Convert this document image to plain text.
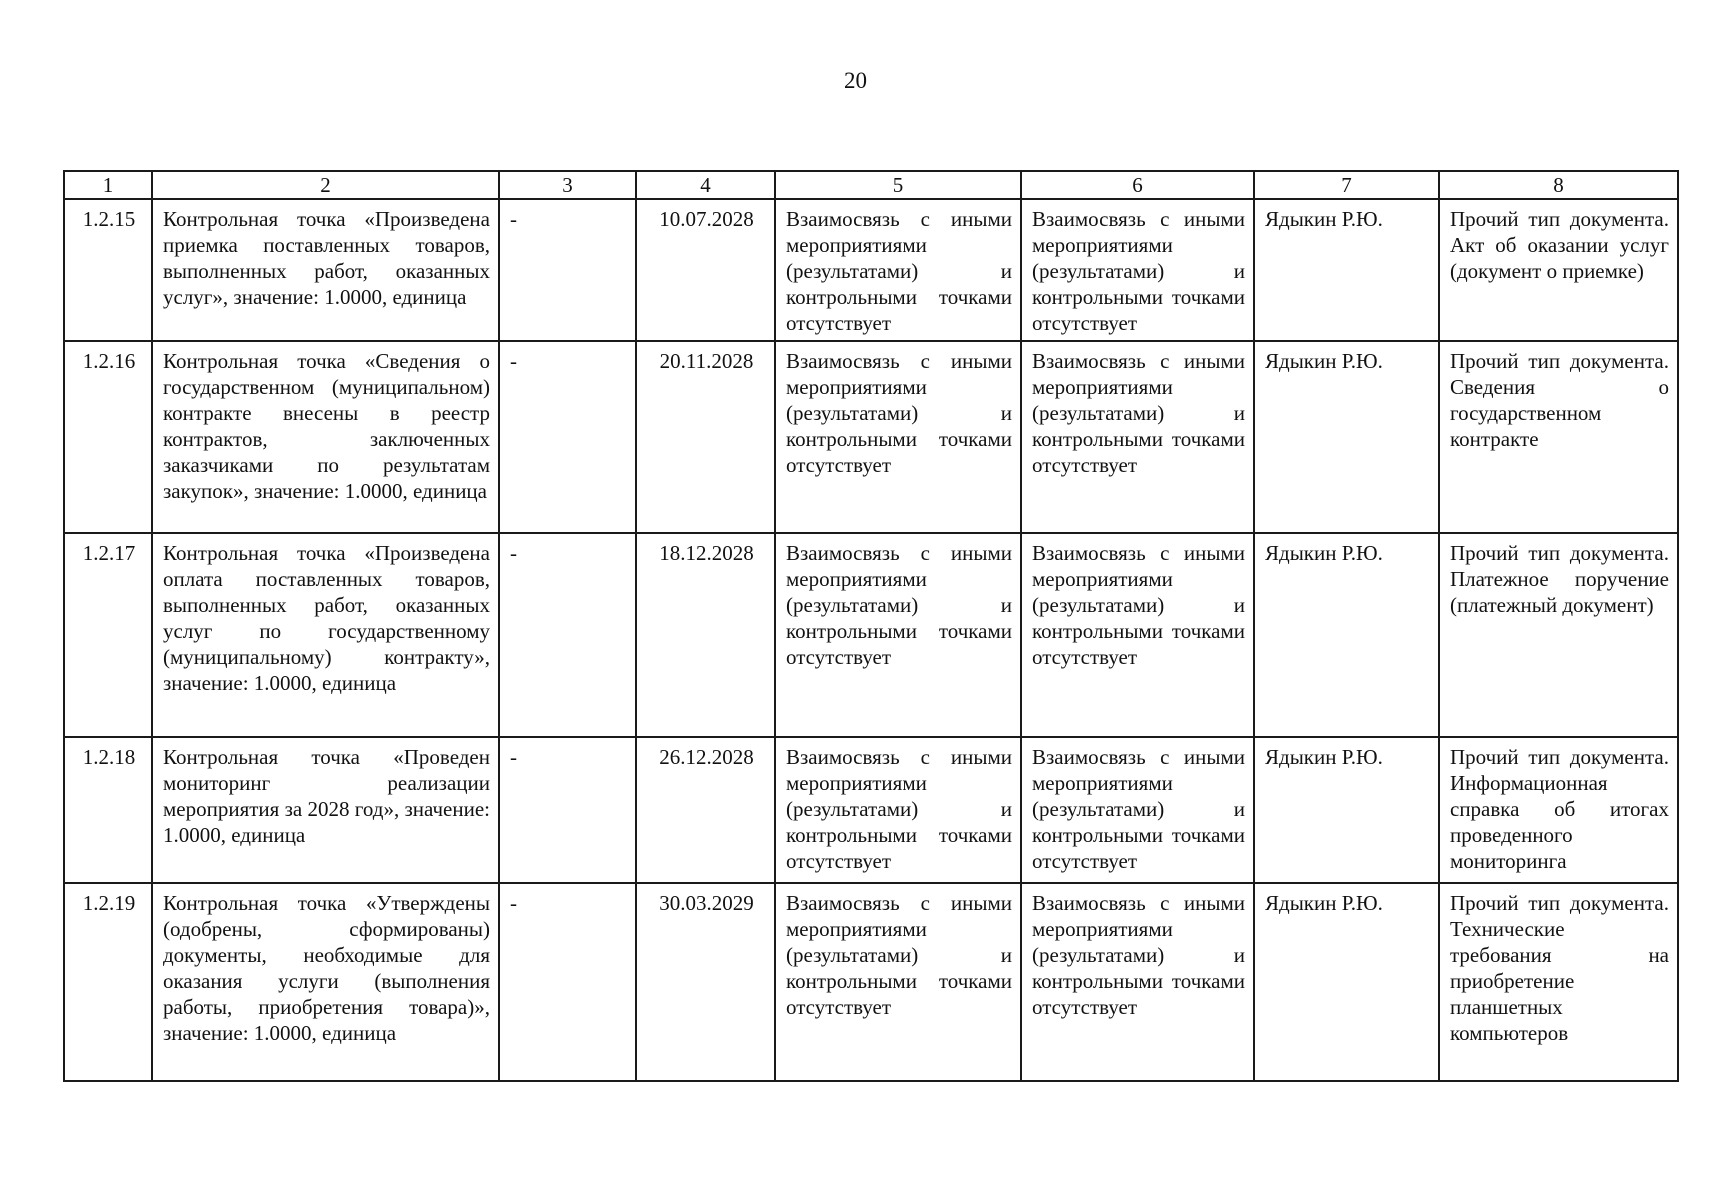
20
1	2	3	4	5	6	7	8
1.2.15	Контрольная точка «Произведена приемка поставленных товаров, выполненных работ, оказанных услуг», значение: 1.0000, единица	-	10.07.2028	Взаимосвязь с иными мероприятиями (результатами) и контрольными точками отсутствует	Взаимосвязь с иными мероприятиями (результатами) и контрольными точками отсутствует	Ядыкин Р.Ю.	Прочий тип документа. Акт об оказании услуг (документ о приемке)
1.2.16	Контрольная точка «Сведения о государственном (муниципальном) контракте внесены в реестр контрактов, заключенных заказчиками по результатам закупок», значение: 1.0000, единица	-	20.11.2028	Взаимосвязь с иными мероприятиями (результатами) и контрольными точками отсутствует	Взаимосвязь с иными мероприятиями (результатами) и контрольными точками отсутствует	Ядыкин Р.Ю.	Прочий тип документа. Сведения о государственном контракте
1.2.17	Контрольная точка «Произведена оплата поставленных товаров, выполненных работ, оказанных услуг по государственному (муниципальному) контракту», значение: 1.0000, единица	-	18.12.2028	Взаимосвязь с иными мероприятиями (результатами) и контрольными точками отсутствует	Взаимосвязь с иными мероприятиями (результатами) и контрольными точками отсутствует	Ядыкин Р.Ю.	Прочий тип документа. Платежное поручение (платежный документ)
1.2.18	Контрольная точка «Проведен мониторинг реализации мероприятия за 2028 год», значение: 1.0000, единица	-	26.12.2028	Взаимосвязь с иными мероприятиями (результатами) и контрольными точками отсутствует	Взаимосвязь с иными мероприятиями (результатами) и контрольными точками отсутствует	Ядыкин Р.Ю.	Прочий тип документа. Информационная справка об итогах проведенного мониторинга
1.2.19	Контрольная точка «Утверждены (одобрены, сформированы) документы, необходимые для оказания услуги (выполнения работы, приобретения товара)», значение: 1.0000, единица	-	30.03.2029	Взаимосвязь с иными мероприятиями (результатами) и контрольными точками отсутствует	Взаимосвязь с иными мероприятиями (результатами) и контрольными точками отсутствует	Ядыкин Р.Ю.	Прочий тип документа. Технические требования на приобретение планшетных компьютеров
